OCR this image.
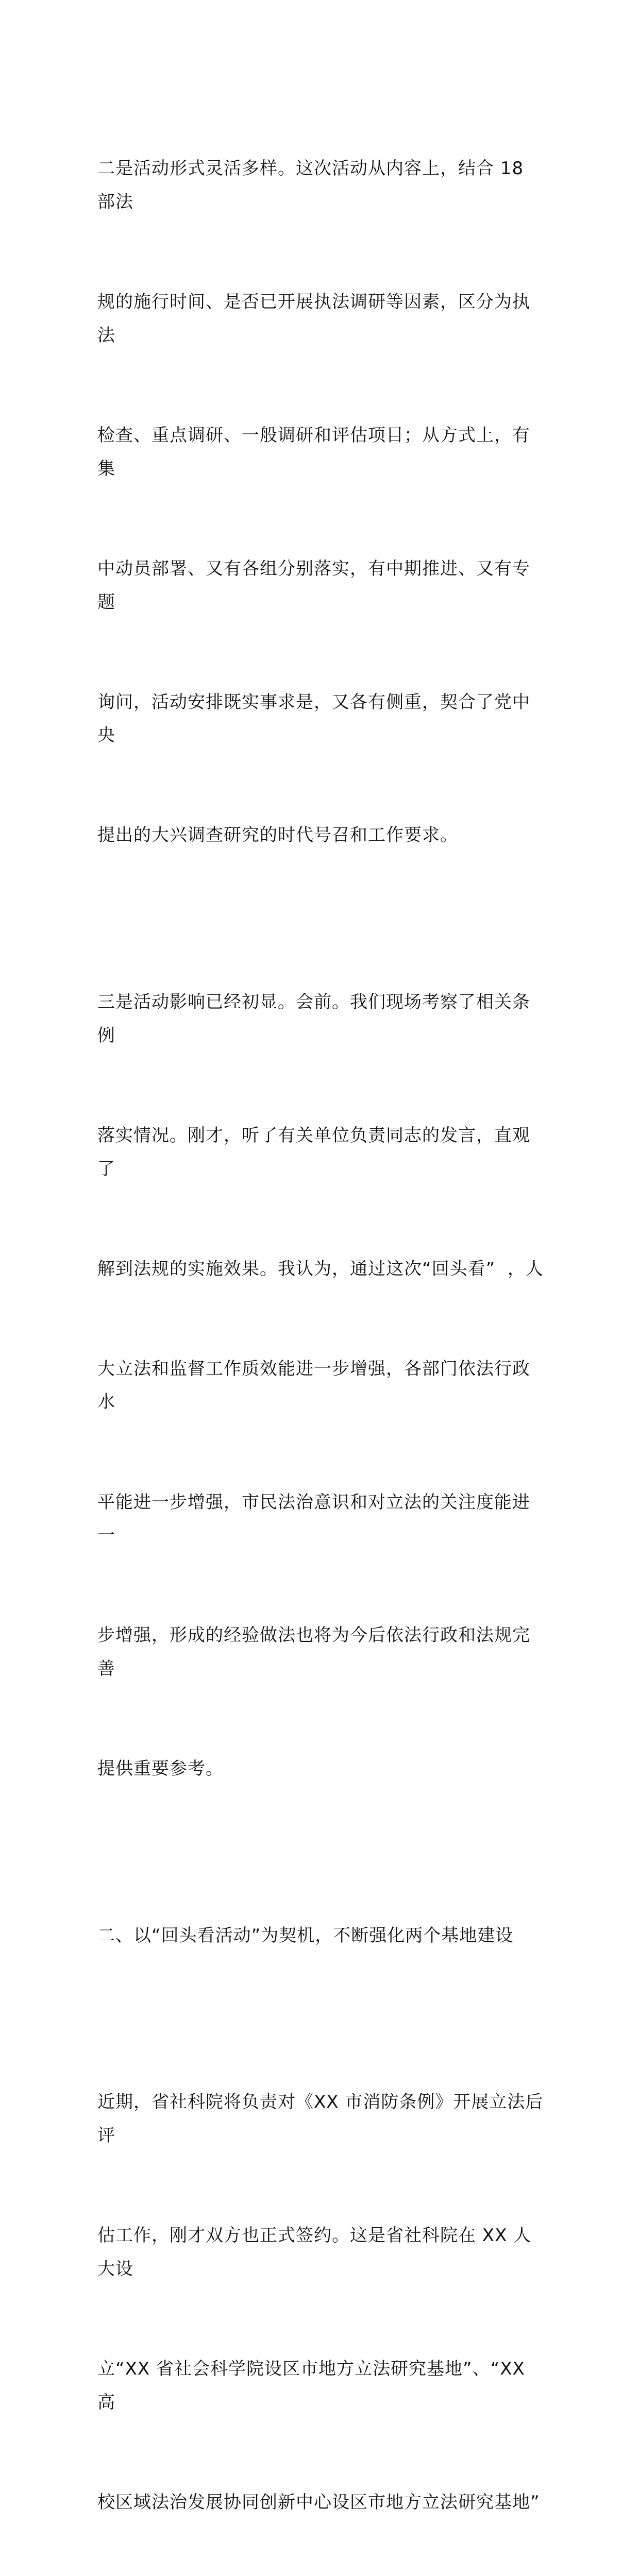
二是活动形式灵活多样。这次活动从内容上，结合 18 部法

规的施行时间、是否已开展执法调研等因素，区分为执法

检查、重点调研、一般调研和评估项目；从方式上，有集

中动员部署、又有各组分别落实，有中期推进、又有专题

询问，活动安排既实事求是，又各有侧重，契合了党中央

提出的大兴调查研究的时代号召和工作要求。

三是活动影响已经初显。会前。我们现场考察了相关条例

落实情况。刚才，听了有关单位负责同志的发言，直观了

解到法规的实施效果。我认为，通过这次“回头看”  ，人

大立法和监督工作质效能进一步增强，各部门依法行政水

平能进一步增强，市民法治意识和对立法的关注度能进一

步增强，形成的经验做法也将为今后依法行政和法规完善

提供重要参考。

二、以“回头看活动”为契机，不断强化两个基地建设

近期，省社科院将负责对《XX 市消防条例》开展立法后评

估工作，刚才双方也正式签约。这是省社科院在 XX 人大设

立“XX 省社会科学院设区市地方立法研究基地”、“XX 高

校区域法治发展协同创新中心设区市地方立法研究基地”
